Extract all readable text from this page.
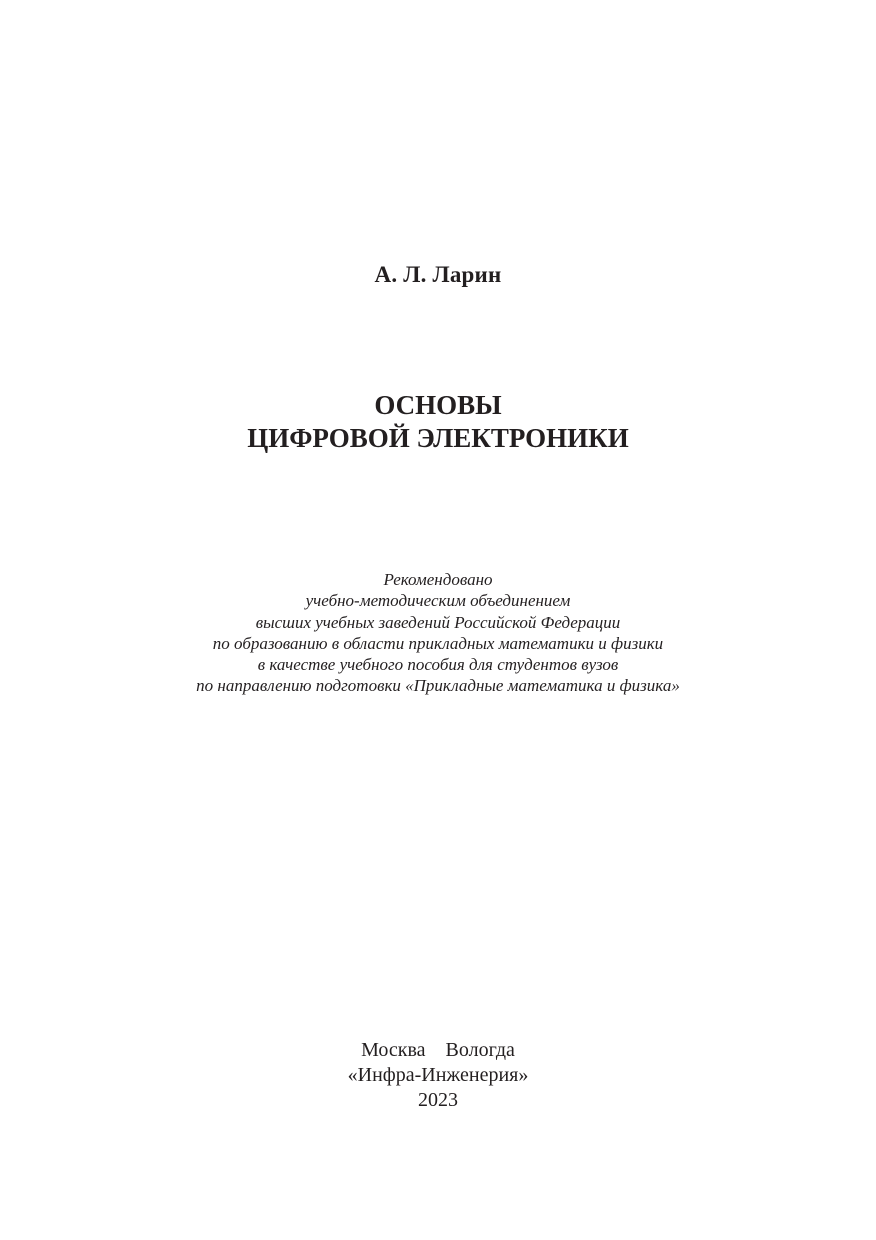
А. Л. Ларин
ОСНОВЫ
ЦИФРОВОЙ ЭЛЕКТРОНИКИ
Рекомендовано
учебно-методическим объединением
высших учебных заведений Российской Федерации
по образованию в области прикладных математики и физики
в качестве учебного пособия для студентов вузов
по направлению подготовки «Прикладные математика и физика»
Москва    Вологда
«Инфра-Инженерия»
2023
